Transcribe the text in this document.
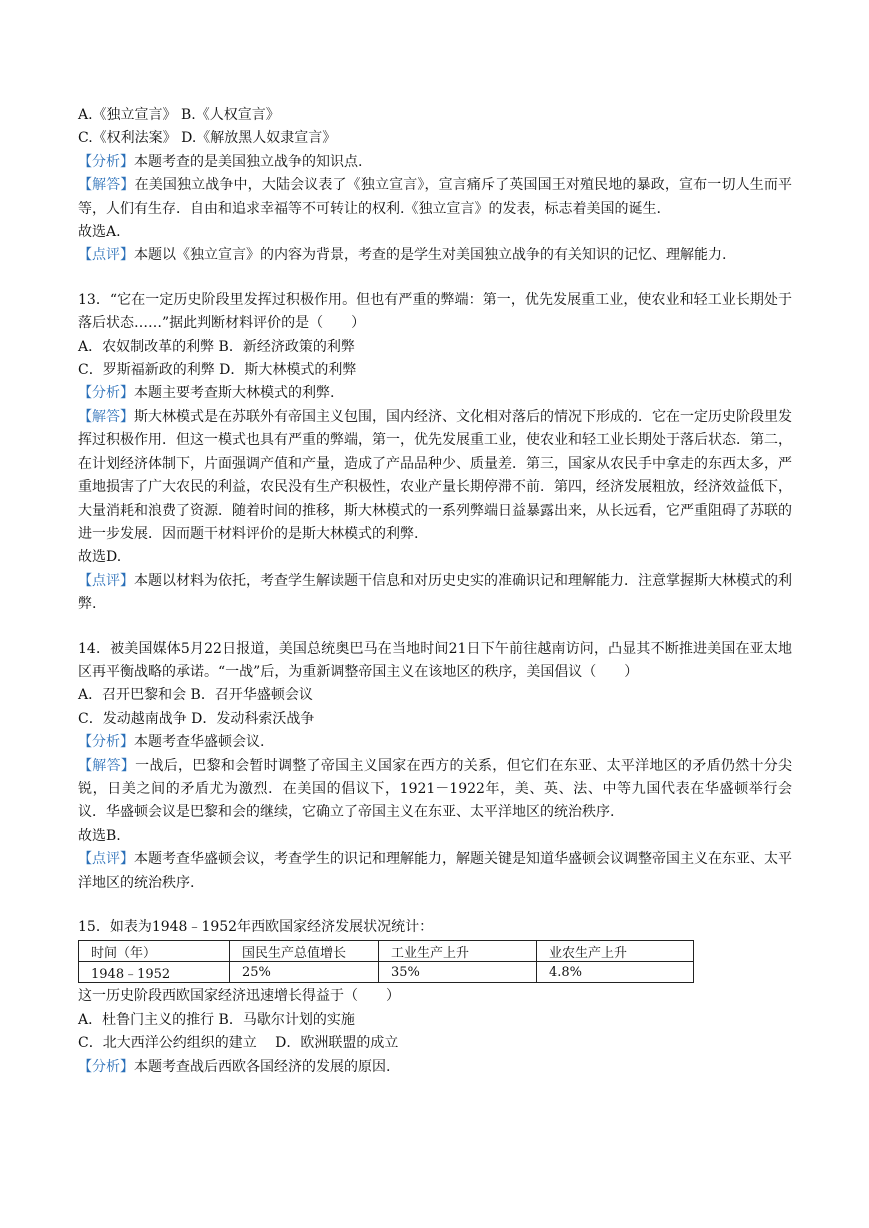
A.《独立宣言》 B.《人权宣言》
C.《权利法案》 D.《解放黑人奴隶宣言》
【分析】本题考查的是美国独立战争的知识点.
【解答】在美国独立战争中，大陆会议表了《独立宣言》，宣言痛斥了英国国王对殖民地的暴政，宣布一切人生而平等，人们有生存．自由和追求幸福等不可转让的权利.《独立宣言》的发表，标志着美国的诞生.
故选A.
【点评】本题以《独立宣言》的内容为背景，考查的是学生对美国独立战争的有关知识的记忆、理解能力.
13．“它在一定历史阶段里发挥过积极作用。但也有严重的弊端：第一，优先发展重工业，使农业和轻工业长期处于落后状态……”据此判断材料评价的是（　　）
A．农奴制改革的利弊 B．新经济政策的利弊
C．罗斯福新政的利弊 D．斯大林模式的利弊
【分析】本题主要考查斯大林模式的利弊.
【解答】斯大林模式是在苏联外有帝国主义包围，国内经济、文化相对落后的情况下形成的．它在一定历史阶段里发挥过积极作用．但这一模式也具有严重的弊端，第一，优先发展重工业，使农业和轻工业长期处于落后状态．第二，在计划经济体制下，片面强调产值和产量，造成了产品品种少、质量差．第三，国家从农民手中拿走的东西太多，严重地损害了广大农民的利益，农民没有生产积极性，农业产量长期停滞不前．第四，经济发展粗放，经济效益低下，大量消耗和浪费了资源．随着时间的推移，斯大林模式的一系列弊端日益暴露出来，从长远看，它严重阻碍了苏联的进一步发展．因而题干材料评价的是斯大林模式的利弊.
故选D.
【点评】本题以材料为依托，考查学生解读题干信息和对历史史实的准确识记和理解能力．注意掌握斯大林模式的利弊.
14．被美国媒体5月22日报道，美国总统奥巴马在当地时间21日下午前往越南访问，凸显其不断推进美国在亚太地区再平衡战略的承诺。“一战”后，为重新调整帝国主义在该地区的秩序，美国倡议（　　）
A．召开巴黎和会 B．召开华盛顿会议
C．发动越南战争 D．发动科索沃战争
【分析】本题考查华盛顿会议.
【解答】一战后，巴黎和会暂时调整了帝国主义国家在西方的关系，但它们在东亚、太平洋地区的矛盾仍然十分尖锐，日美之间的矛盾尤为激烈．在美国的倡议下，1921－1922年，美、英、法、中等九国代表在华盛顿举行会议．华盛顿会议是巴黎和会的继续，它确立了帝国主义在东亚、太平洋地区的统治秩序.
故选B.
【点评】本题考查华盛顿会议，考查学生的识记和理解能力，解题关键是知道华盛顿会议调整帝国主义在东亚、太平洋地区的统治秩序.
15．如表为1948﹣1952年西欧国家经济发展状况统计：
时间（年）	国民生产总值增长	工业生产上升	业农生产上升
1948﹣1952	25%	35%	4.8%
这一历史阶段西欧国家经济迅速增长得益于（　　）
A．杜鲁门主义的推行 B．马歇尔计划的实施
C．北大西洋公约组织的建立　 D．欧洲联盟的成立
【分析】本题考查战后西欧各国经济的发展的原因.
